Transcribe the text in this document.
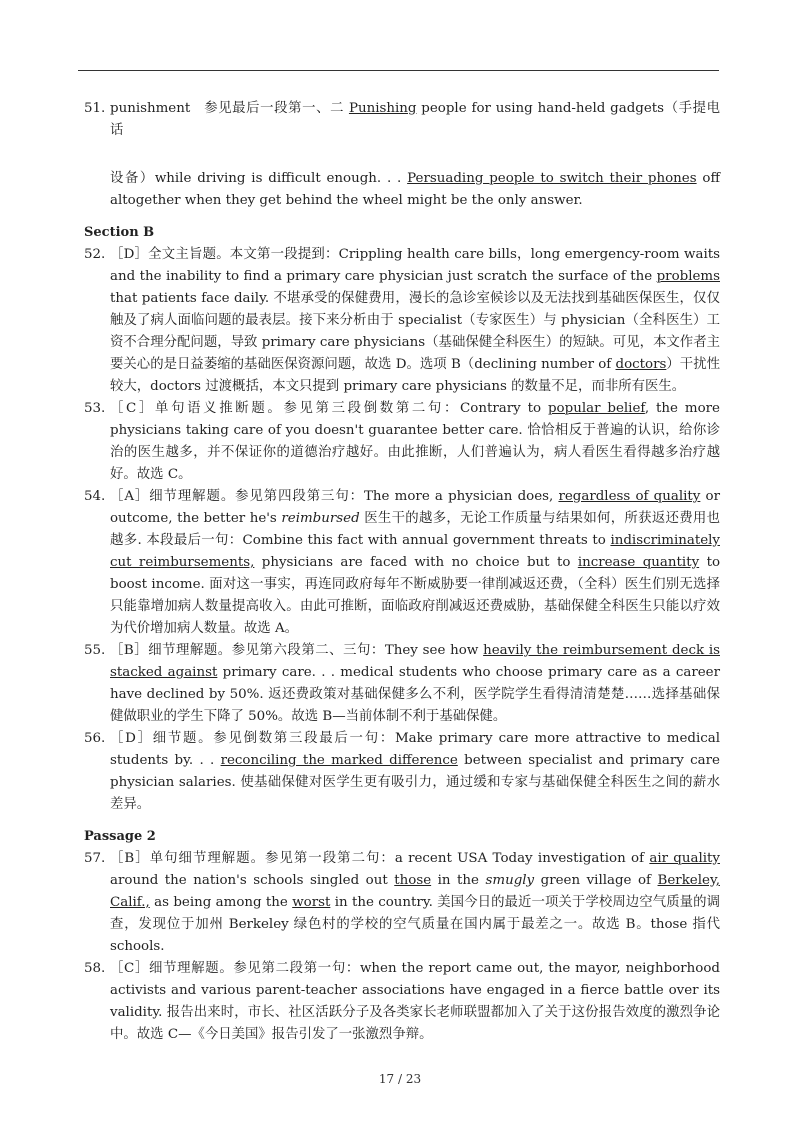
51. punishment 参见最后一段第一、二 Punishing people for using hand-held gadgets（手提电话
设备）while driving is difficult enough. . . Persuading people to switch their phones off altogether when they get behind the wheel might be the only answer.
Section B
52. ［D］全文主旨题。本文第一段提到：Crippling health care bills，long emergency-room waits and the inability to find a primary care physician just scratch the surface of the problems that patients face daily. 不堪承受的保健费用，漫长的急诊室候诊以及无法找到基础医保医生，仅仅触及了病人面临问题的最表层。接下来分析由于 specialist（专家医生）与 physician（全科医生）工资不合理分配问题，导致 primary care physicians（基础保健全科医生）的短缺。可见，本文作者主要关心的是日益萎缩的基础医保资源问题，故选 D。选项 B（declining number of doctors）干扰性较大，doctors 过渡概括，本文只提到 primary care physicians 的数量不足，而非所有医生。
53. ［C］单句语义推断题。参见第三段倒数第二句：Contrary to popular belief, the more physicians taking care of you doesn't guarantee better care. 恰恰相反于普遍的认识，给你诊治的医生越多，并不保证你的道德治疗越好。由此推断，人们普遍认为，病人看医生看得越多治疗越好。故选 C。
54. ［A］细节理解题。参见第四段第三句：The more a physician does, regardless of quality or outcome, the better he's reimbursed 医生干的越多，无论工作质量与结果如何，所获返还费用也越多. 本段最后一句：Combine this fact with annual government threats to indiscriminately cut reimbursements, physicians are faced with no choice but to increase quantity to boost income. 面对这一事实，再连同政府每年不断威胁要一律削减返还费，（全科）医生们别无选择只能靠增加病人数量提高收入。由此可推断，面临政府削减返还费威胁，基础保健全科医生只能以疗效为代价增加病人数量。故选 A。
55. ［B］细节理解题。参见第六段第二、三句：They see how heavily the reimbursement deck is stacked against primary care. . . medical students who choose primary care as a career have declined by 50%. 返还费政策对基础保健多么不利，医学院学生看得清清楚楚……选择基础保健做职业的学生下降了 50%。故选 B—当前体制不利于基础保健。
56. ［D］细节题。参见倒数第三段最后一句：Make primary care more attractive to medical students by. . . reconciling the marked difference between specialist and primary care physician salaries. 使基础保健对医学生更有吸引力，通过缓和专家与基础保健全科医生之间的薪水差异。
Passage 2
57. ［B］单句细节理解题。参见第一段第二句：a recent USA Today investigation of air quality around the nation's schools singled out those in the smugly green village of Berkeley, Calif., as being among the worst in the country. 美国今日的最近一项关于学校周边空气质量的调查，发现位于加州 Berkeley 绿色村的学校的空气质量在国内属于最差之一。故选 B。those 指代 schools.
58. ［C］细节理解题。参见第二段第一句：when the report came out, the mayor, neighborhood activists and various parent-teacher associations have engaged in a fierce battle over its validity. 报告出来时，市长、社区活跃分子及各类家长老师联盟都加入了关于这份报告效度的激烈争论中。故选 C—《今日美国》报告引发了一张激烈争辩。
17 / 23
